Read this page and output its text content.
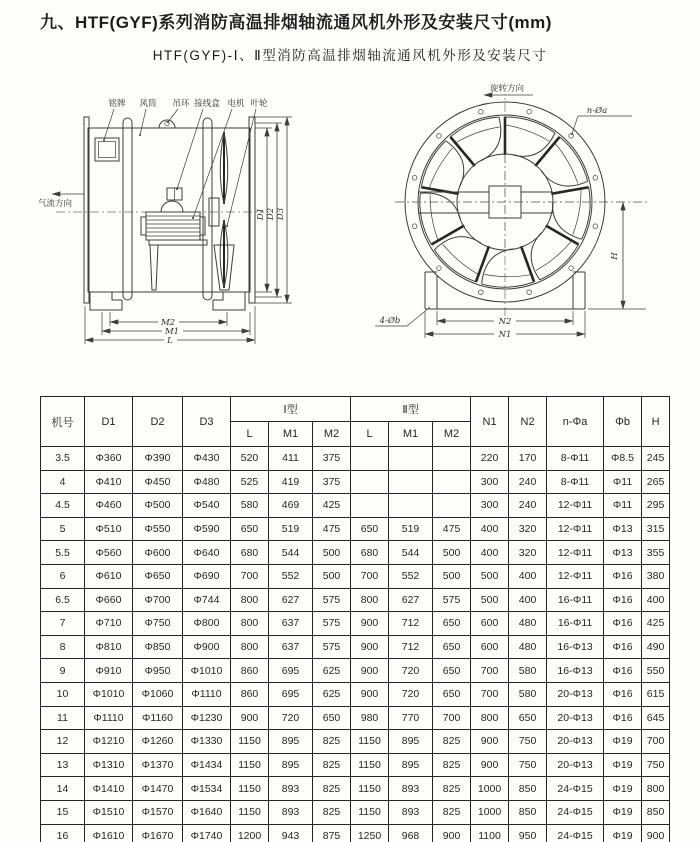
九、HTF(GYF)系列消防高温排烟轴流通风机外形及安装尺寸(mm)
HTF(GYF)-Ⅰ、Ⅱ型消防高温排烟轴流通风机外形及安装尺寸
D1 D2 D3
M2
M1
L
铭牌 风筒 吊环 接线盒 电机 叶轮
气流方向
N2
N1
H
n-Øa
4-Øb
旋转方向
机号	D1	D2	D3	Ⅰ型			Ⅱ型			N1	N2	n-Φa	Φb	H
				L	M1	M2	L	M1	M2					
3.5	Φ360	Φ390	Φ430	520	411	375				220	170	8-Φ11	Φ8.5	245
4	Φ410	Φ450	Φ480	525	419	375				300	240	8-Φ11	Φ11	265
4.5	Φ460	Φ500	Φ540	580	469	425				300	240	12-Φ11	Φ11	295
5	Φ510	Φ550	Φ590	650	519	475	650	519	475	400	320	12-Φ11	Φ13	315
5.5	Φ560	Φ600	Φ640	680	544	500	680	544	500	400	320	12-Φ11	Φ13	355
6	Φ610	Φ650	Φ690	700	552	500	700	552	500	500	400	12-Φ11	Φ16	380
6.5	Φ660	Φ700	Φ744	800	627	575	800	627	575	500	400	16-Φ11	Φ16	400
7	Φ710	Φ750	Φ800	800	637	575	900	712	650	600	480	16-Φ11	Φ16	425
8	Φ810	Φ850	Φ900	800	637	575	900	712	650	600	480	16-Φ13	Φ16	490
9	Φ910	Φ950	Φ1010	860	695	625	900	720	650	700	580	16-Φ13	Φ16	550
10	Φ1010	Φ1060	Φ1110	860	695	625	900	720	650	700	580	20-Φ13	Φ16	615
11	Φ1110	Φ1160	Φ1230	900	720	650	980	770	700	800	650	20-Φ13	Φ16	645
12	Φ1210	Φ1260	Φ1330	1150	895	825	1150	895	825	900	750	20-Φ13	Φ19	700
13	Φ1310	Φ1370	Φ1434	1150	895	825	1150	895	825	900	750	20-Φ13	Φ19	750
14	Φ1410	Φ1470	Φ1534	1150	893	825	1150	893	825	1000	850	24-Φ15	Φ19	800
15	Φ1510	Φ1570	Φ1640	1150	893	825	1150	893	825	1000	850	24-Φ15	Φ19	850
16	Φ1610	Φ1670	Φ1740	1200	943	875	1250	968	900	1100	950	24-Φ15	Φ19	900
